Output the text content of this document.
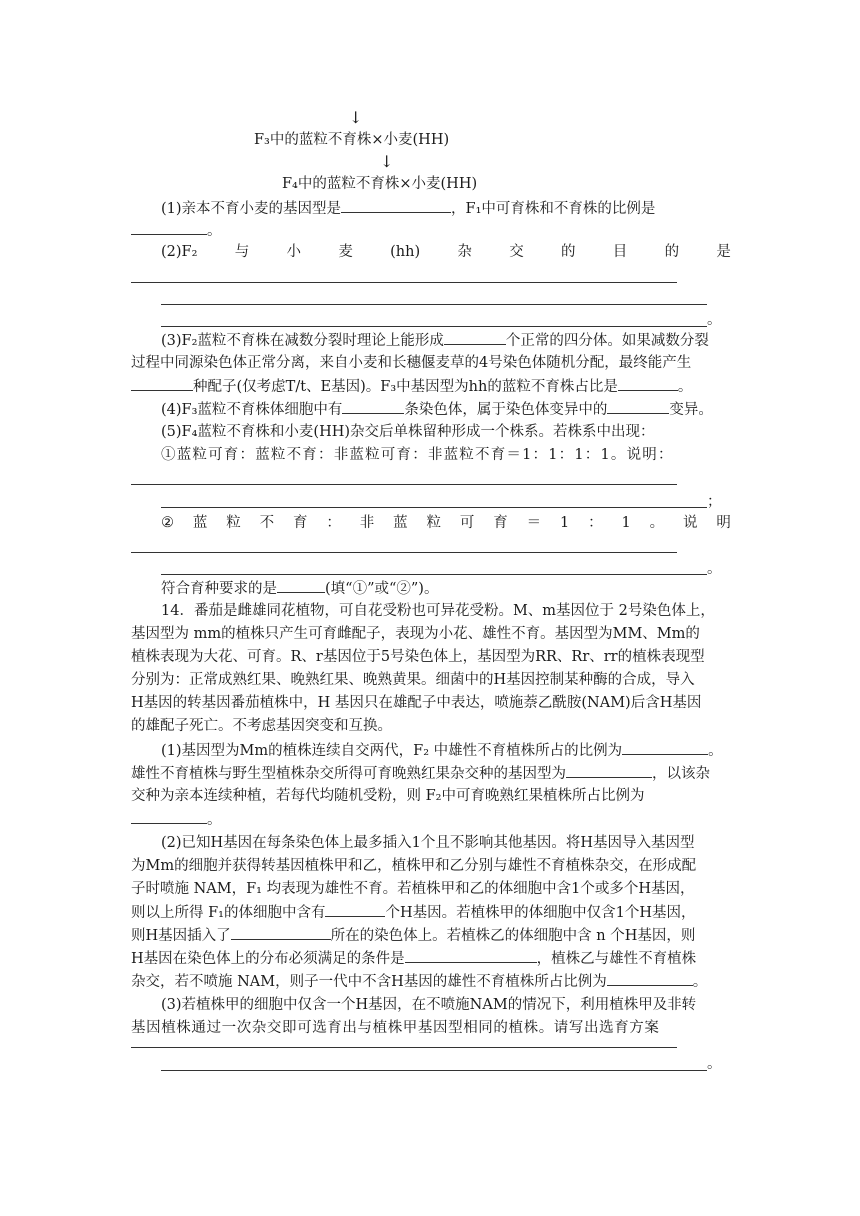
↓
F₃中的蓝粒不育株×小麦(HH)
↓
F₄中的蓝粒不育株×小麦(HH)
(1)亲本不育小麦的基因型是	，F₁中可育株和不育株的比例是
。
(2)F₂	与	小	麦	(hh)	杂	交	的	目	的	是
。
(3)F₂蓝粒不育株在减数分裂时理论上能形成	个正常的四分体。如果减数分裂
过程中同源染色体正常分离，来自小麦和长穗偃麦草的4号染色体随机分配，最终能产生
种配子(仅考虑T/t、E基因)。F₃中基因型为hh的蓝粒不育株占比是	。
(4)F₃蓝粒不育株体细胞中有	条染色体，属于染色体变异中的	变异。
(5)F₄蓝粒不育株和小麦(HH)杂交后单株留种形成一个株系。若株系中出现：
①蓝粒可育：蓝粒不育：非蓝粒可育：非蓝粒不育＝1：1：1：1。说明：
；
② 蓝 粒 不 育 ： 非 蓝 粒 可 育 ＝ 1 ： 1 。 说 明
。
符合育种要求的是	(填“①”或“②”)。
14．番茄是雌雄同花植物，可自花受粉也可异花受粉。M、m基因位于 2号染色体上，
基因型为 mm的植株只产生可育雌配子，表现为小花、雄性不育。基因型为MM、Mm的
植株表现为大花、可育。R、r基因位于5号染色体上，基因型为RR、Rr、rr的植株表现型
分别为：正常成熟红果、晚熟红果、晚熟黄果。细菌中的H基因控制某种酶的合成，导入
H基因的转基因番茄植株中，H 基因只在雄配子中表达，喷施萘乙酰胺(NAM)后含H基因
的雄配子死亡。不考虑基因突变和互换。
(1)基因型为Mm的植株连续自交两代，F₂ 中雄性不育植株所占的比例为	。
雄性不育植株与野生型植株杂交所得可育晚熟红果杂交种的基因型为	，以该杂
交种为亲本连续种植，若每代均随机受粉，则 F₂中可育晚熟红果植株所占比例为
。
(2)已知H基因在每条染色体上最多插入1个且不影响其他基因。将H基因导入基因型
为Mm的细胞并获得转基因植株甲和乙，植株甲和乙分别与雄性不育植株杂交，在形成配
子时喷施 NAM，F₁ 均表现为雄性不育。若植株甲和乙的体细胞中含1个或多个H基因，
则以上所得 F₁的体细胞中含有	个H基因。若植株甲的体细胞中仅含1个H基因，
则H基因插入了	所在的染色体上。若植株乙的体细胞中含 n 个H基因，则
H基因在染色体上的分布必须满足的条件是	，植株乙与雄性不育植株
杂交，若不喷施 NAM，则子一代中不含H基因的雄性不育植株所占比例为	。
(3)若植株甲的细胞中仅含一个H基因，在不喷施NAM的情况下，利用植株甲及非转
基因植株通过一次杂交即可选育出与植株甲基因型相同的植株。请写出选育方案
。
